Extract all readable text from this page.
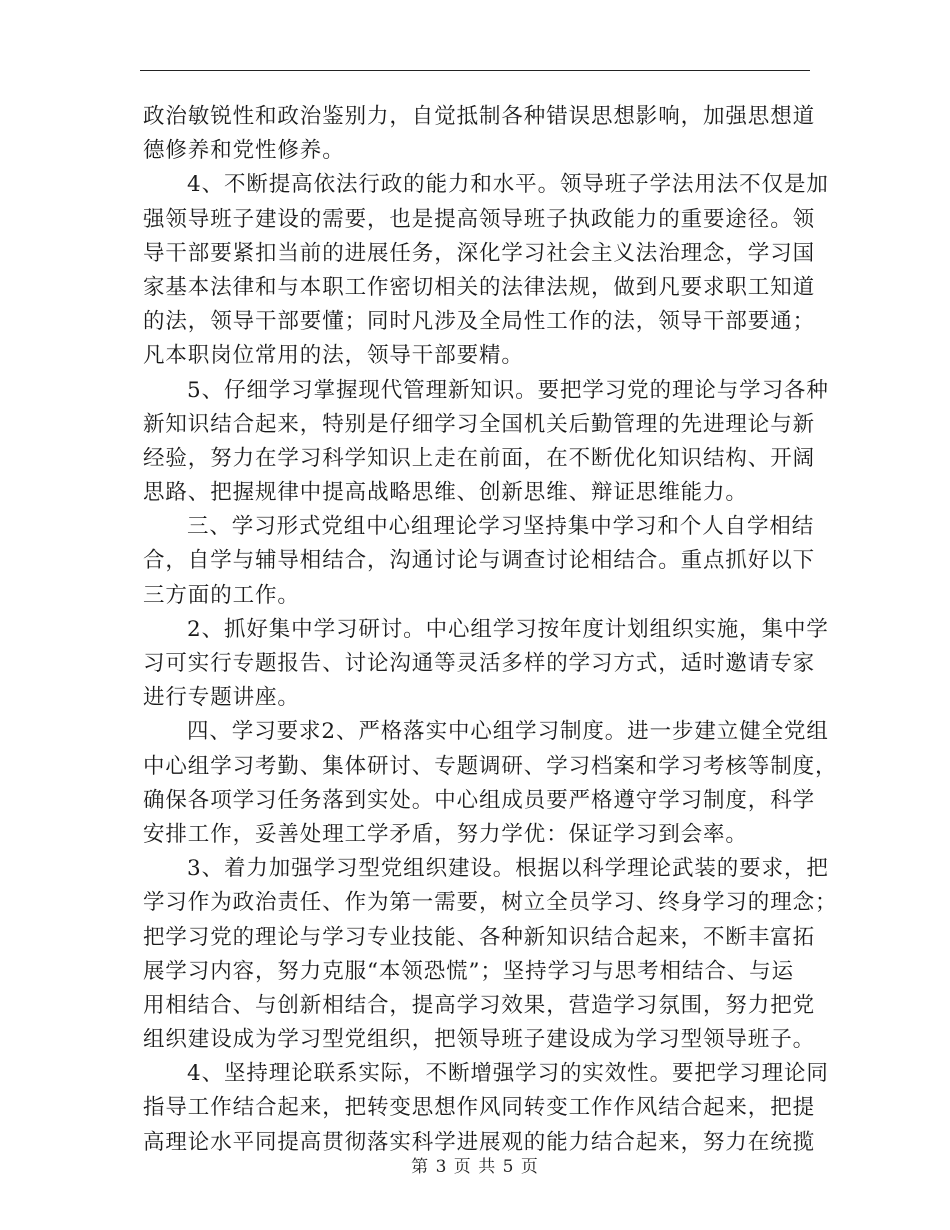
政治敏锐性和政治鉴别力，自觉抵制各种错误思想影响，加强思想道
德修养和党性修养。
4、不断提高依法行政的能力和水平。领导班子学法用法不仅是加
强领导班子建设的需要，也是提高领导班子执政能力的重要途径。领
导干部要紧扣当前的进展任务，深化学习社会主义法治理念，学习国
家基本法律和与本职工作密切相关的法律法规，做到凡要求职工知道
的法，领导干部要懂；同时凡涉及全局性工作的法，领导干部要通；
凡本职岗位常用的法，领导干部要精。
5、仔细学习掌握现代管理新知识。要把学习党的理论与学习各种
新知识结合起来，特别是仔细学习全国机关后勤管理的先进理论与新
经验，努力在学习科学知识上走在前面，在不断优化知识结构、开阔
思路、把握规律中提高战略思维、创新思维、辩证思维能力。
三、学习形式党组中心组理论学习坚持集中学习和个人自学相结
合，自学与辅导相结合，沟通讨论与调查讨论相结合。重点抓好以下
三方面的工作。
2、抓好集中学习研讨。中心组学习按年度计划组织实施，集中学
习可实行专题报告、讨论沟通等灵活多样的学习方式，适时邀请专家
进行专题讲座。
四、学习要求2、严格落实中心组学习制度。进一步建立健全党组
中心组学习考勤、集体研讨、专题调研、学习档案和学习考核等制度，
确保各项学习任务落到实处。中心组成员要严格遵守学习制度，科学
安排工作，妥善处理工学矛盾，努力学优：保证学习到会率。
3、着力加强学习型党组织建设。根据以科学理论武装的要求，把
学习作为政治责任、作为第一需要，树立全员学习、终身学习的理念；
把学习党的理论与学习专业技能、各种新知识结合起来，不断丰富拓
展学习内容，努力克服“本领恐慌”；坚持学习与思考相结合、与运
用相结合、与创新相结合，提高学习效果，营造学习氛围，努力把党
组织建设成为学习型党组织，把领导班子建设成为学习型领导班子。
4、坚持理论联系实际，不断增强学习的实效性。要把学习理论同
指导工作结合起来，把转变思想作风同转变工作作风结合起来，把提
高理论水平同提高贯彻落实科学进展观的能力结合起来，努力在统揽
第 3 页 共 5 页
